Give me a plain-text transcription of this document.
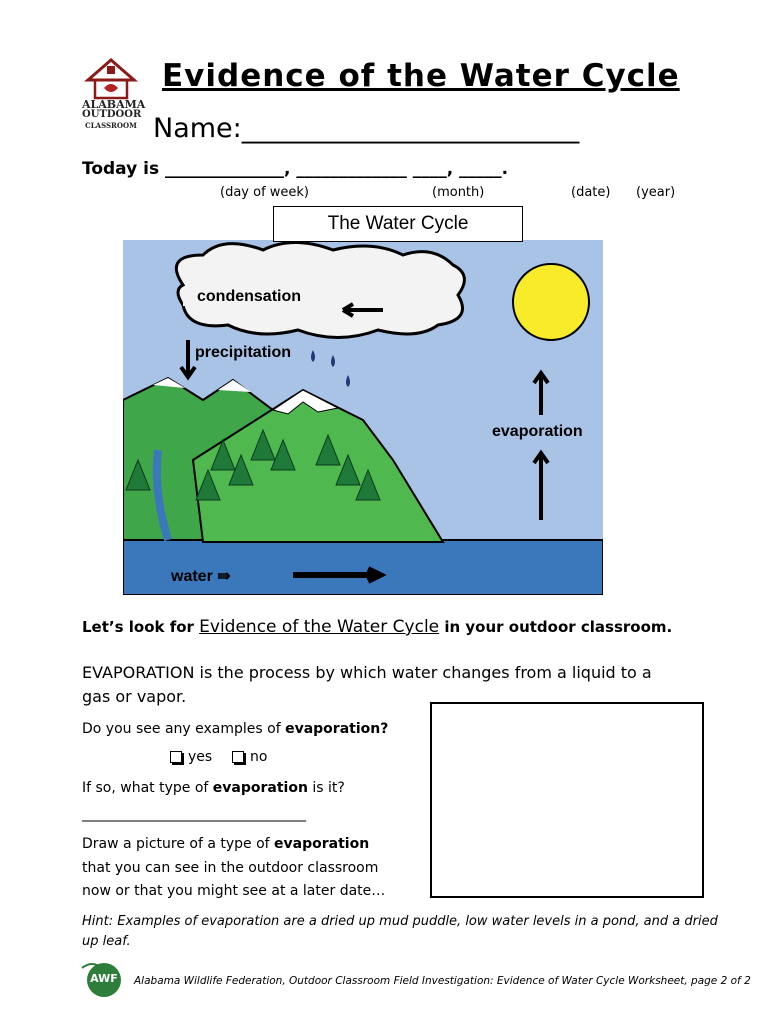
ALABAMA
OUTDOOR
CLASSROOM
Evidence of the Water Cycle
Name:_________________________
Today is ______________, _____________ ____, _____.
(day of week)	(month)	(date) (year)
The Water Cycle
condensation
precipitation
evaporation
water ⇛
Let’s look for Evidence of the Water Cycle in your outdoor classroom.
EVAPORATION is the process by which water changes from a liquid to a
gas or vapor.
Do you see any examples of evaporation?
yes	no
If so, what type of evaporation is it?
________________________________
Draw a picture of a type of evaporation
that you can see in the outdoor classroom
now or that you might see at a later date…
Hint: Examples of evaporation are a dried up mud puddle, low water levels in a pond, and a dried up leaf.
AWF Alabama Wildlife Federation, Outdoor Classroom Field Investigation: Evidence of Water Cycle Worksheet, page 2 of 2
